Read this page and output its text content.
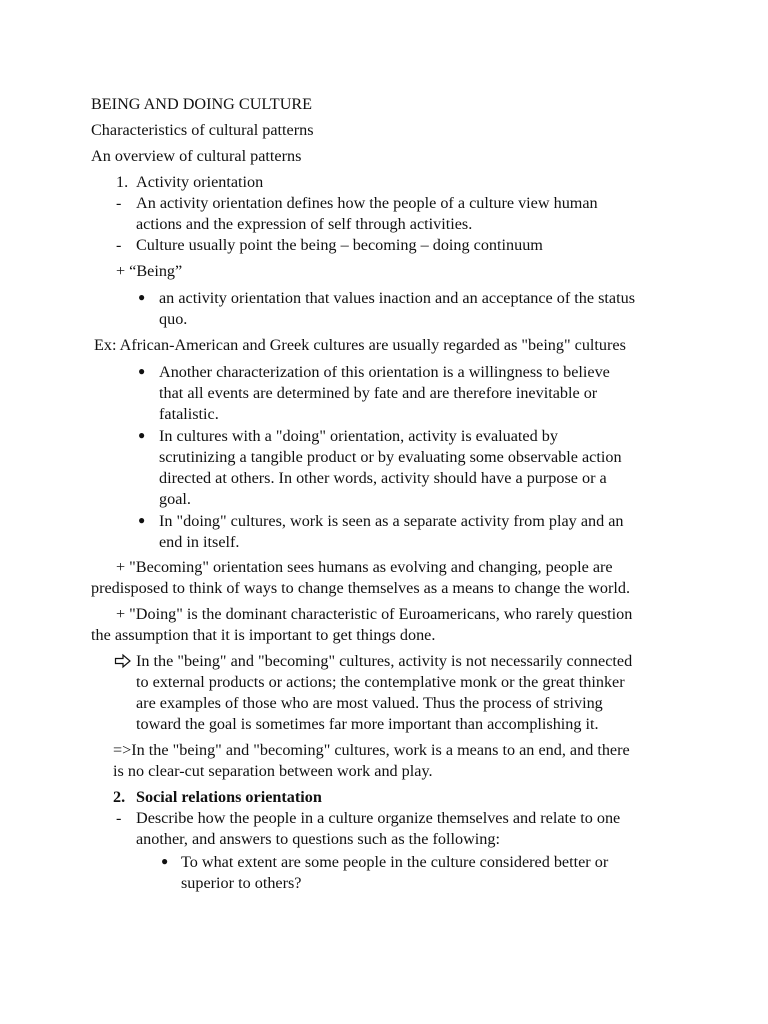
BEING AND DOING CULTURE
Characteristics of cultural patterns
An overview of cultural patterns
1. Activity orientation
- An activity orientation defines how the people of a culture view human
actions and the expression of self through activities.
- Culture usually point the being – becoming – doing continuum
+ “Being”
● an activity orientation that values inaction and an acceptance of the status
quo.
Ex: African-American and Greek cultures are usually regarded as "being" cultures
● Another characterization of this orientation is a willingness to believe
that all events are determined by fate and are therefore inevitable or
fatalistic.
● In cultures with a "doing" orientation, activity is evaluated by
scrutinizing a tangible product or by evaluating some observable action
directed at others. In other words, activity should have a purpose or a
goal.
● In "doing" cultures, work is seen as a separate activity from play and an
end in itself.
+ "Becoming" orientation sees humans as evolving and changing, people are
predisposed to think of ways to change themselves as a means to change the world.
+ "Doing" is the dominant characteristic of Euroamericans, who rarely question
the assumption that it is important to get things done.
In the "being" and "becoming" cultures, activity is not necessarily connected
to external products or actions; the contemplative monk or the great thinker
are examples of those who are most valued. Thus the process of striving
toward the goal is sometimes far more important than accomplishing it.
=>In the "being" and "becoming" cultures, work is a means to an end, and there
is no clear-cut separation between work and play.
2. Social relations orientation
- Describe how the people in a culture organize themselves and relate to one
another, and answers to questions such as the following:
● To what extent are some people in the culture considered better or
superior to others?
